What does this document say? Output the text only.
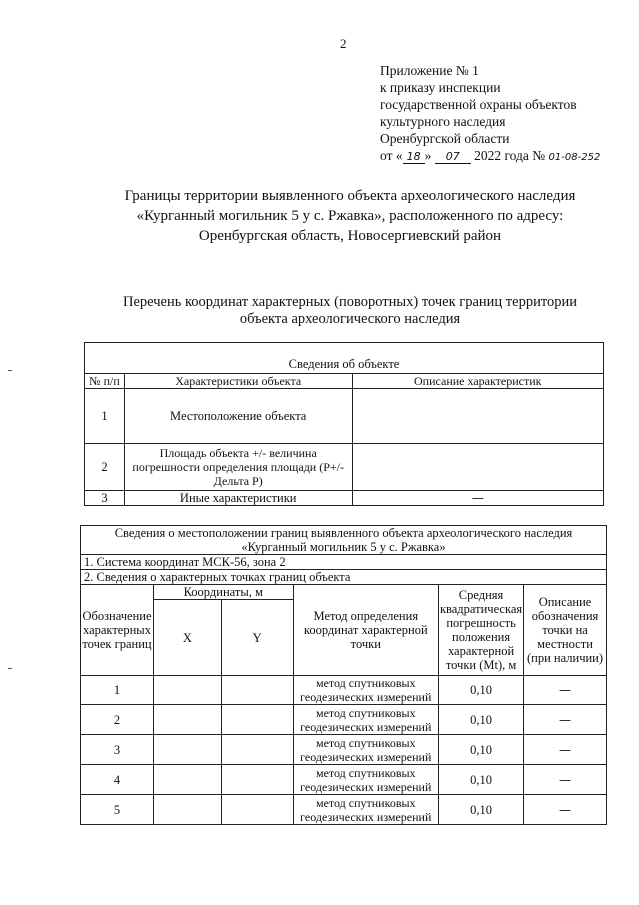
2
Приложение № 1
к приказу инспекции
государственной охраны объектов
культурного наследия
Оренбургской области
от « 18 » 07 2022 года № 01-08-252
Границы территории выявленного объекта археологического наследия
«Курганный могильник 5 у с. Ржавка», расположенного по адресу:
Оренбургская область, Новосергиевский район
Перечень координат характерных (поворотных) точек границ территории
объекта археологического наследия
Сведения об объекте		
№ п/п	Характеристики объекта	Описание характеристик
1	Местоположение объекта	
2	Площадь объекта +/- величина погрешности определения площади (P+/- Дельта P)	
3	Иные характеристики	—
Сведения о местоположении границ выявленного объекта археологического наследия
«Курганный могильник 5 у с. Ржавка»					

1. Система координат МСК-56, зона 2					
2. Сведения о характерных точках границ объекта					
Обозначение характерных точек границ	Координаты, м		Метод определения координат характерной точки	Средняя квадратическая погрешность положения характерной точки (Mt), м	Описание обозначения точки на местности (при наличии)
	X	Y			
1			метод спутниковых геодезических измерений	0,10	—
2			метод спутниковых геодезических измерений	0,10	—
3			метод спутниковых геодезических измерений	0,10	—
4			метод спутниковых геодезических измерений	0,10	—
5			метод спутниковых геодезических измерений	0,10	—
